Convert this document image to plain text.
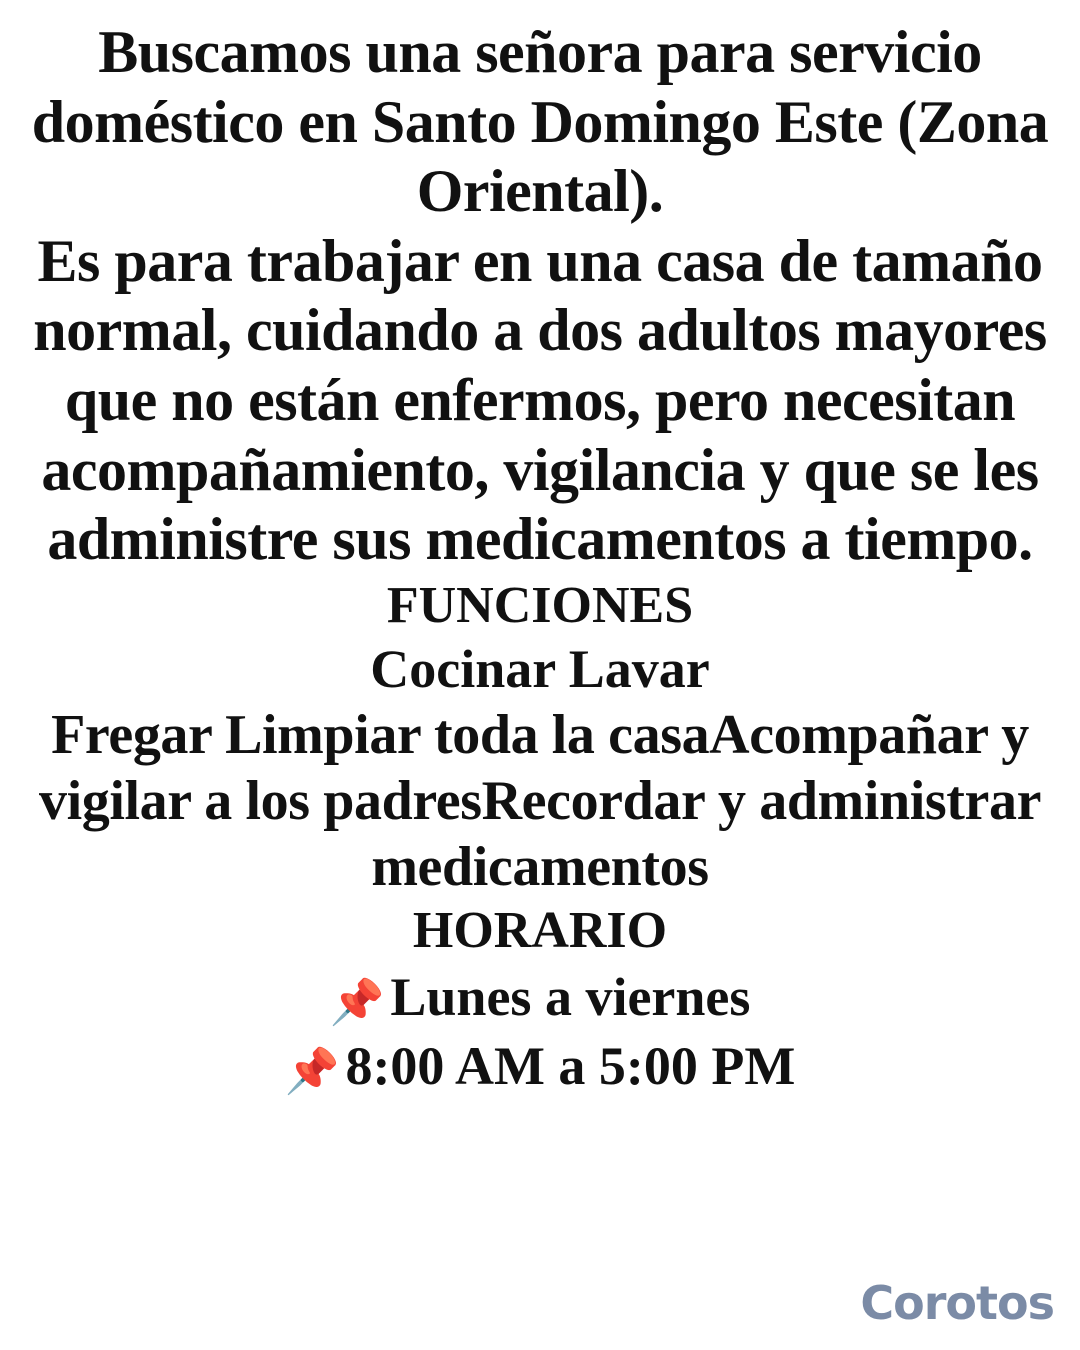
Buscamos una señora para servicio doméstico en Santo Domingo Este (Zona Oriental).

Es para trabajar en una casa de tamaño normal, cuidando a dos adultos mayores que no están enfermos, pero necesitan acompañamiento, vigilancia y que se les administre sus medicamentos a tiempo.

FUNCIONES

Cocinar Lavar

Fregar Limpiar toda la casaAcompañar y vigilar a los padresRecordar y administrar medicamentos

HORARIO

📌 Lunes a viernes

📌 8:00 AM a 5:00 PM

Corotos
